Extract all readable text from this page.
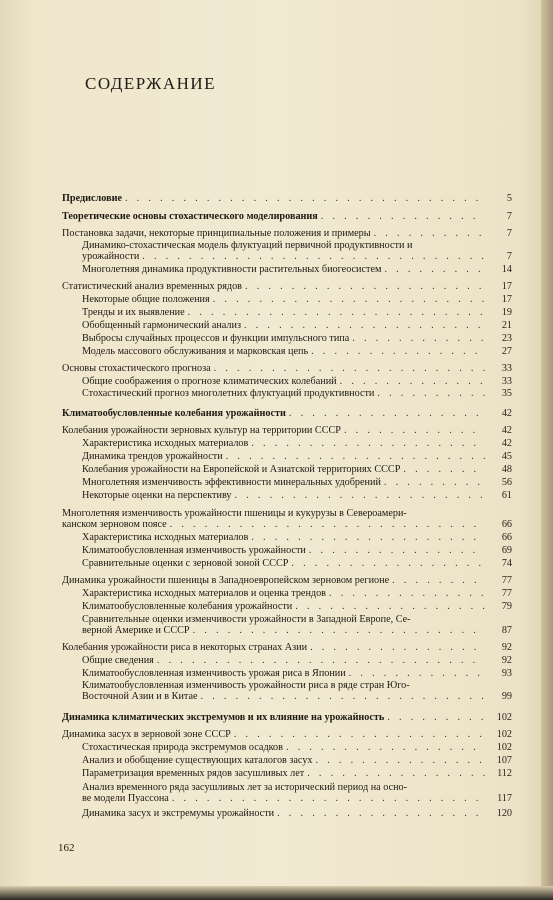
СОДЕРЖАНИЕ
Предисловие . . .	5
Теоретические основы стохастического моделирования . . .	7
Постановка задачи, некоторые принципиальные положения и примеры . . .	7
Динамико-стохастическая модель флуктуаций первичной продуктивности и
урожайности . . .	7
Многолетняя динамика продуктивности растительных биогеосистем . . .	14
Статистический анализ временных рядов . . .	17
Некоторые общие положения . . .	17
Тренды и их выявление . . .	19
Обобщенный гармонический анализ . . .	21
Выбросы случайных процессов и функции импульсного типа . . .	23
Модель массового обслуживания и марковская цепь . . .	27
Основы стохастического прогноза . . .	33
Общие соображения о прогнозе климатических колебаний . . .	33
Стохастический прогноз многолетних флуктуаций продуктивности . . .	35
Климатообусловленные колебания урожайности . . .	42
Колебания урожайности зерновых культур на территории СССР . . .	42
Характеристика исходных материалов . . .	42
Динамика трендов урожайности . . .	45
Колебания урожайности на Европейской и Азиатской территориях СССР . . .	48
Многолетняя изменчивость эффективности минеральных удобрений . . .	56
Некоторые оценки на перспективу . . .	61
Многолетняя изменчивость урожайности пшеницы и кукурузы в Североамери-
канском зерновом поясе . . .	66
Характеристика исходных материалов . . .	66
Климатообусловленная изменчивость урожайности . . .	69
Сравнительные оценки с зерновой зоной СССР . . .	74
Динамика урожайности пшеницы в Западноевропейском зерновом регионе . . .	77
Характеристика исходных материалов и оценка трендов . . .	77
Климатообусловленные колебания урожайности . . .	79
Сравнительные оценки изменчивости урожайности в Западной Европе, Се-
верной Америке и СССР . . .	87
Колебания урожайности риса в некоторых странах Азии . . .	92
Общие сведения . . .	92
Климатообусловленная изменчивость урожая риса в Японии . . .	93
Климатообусловленная изменчивость урожайности риса в ряде стран Юго-
Восточной Азии и в Китае . . .	99
Динамика климатических экстремумов и их влияние на урожайность . . .	102
Динамика засух в зерновой зоне СССР . . .	102
Стохастическая природа экстремумов осадков . . .	102
Анализ и обобщение существующих каталогов засух . . .	107
Параметризация временных рядов засушливых лет . . .	112
Анализ временного ряда засушливых лет за исторический период на осно-
ве модели Пуассона . . .	117
Динамика засух и экстремумы урожайности . . .	120
162
